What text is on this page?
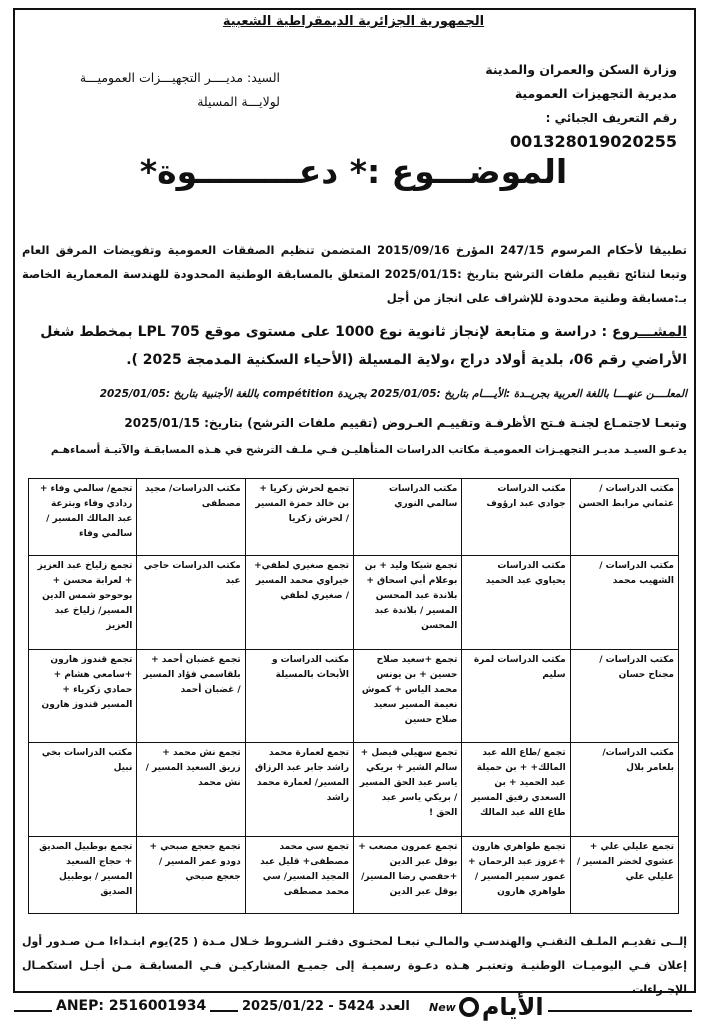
الجمهورية الجزائرية الديمقراطية الشعبية
وزارة السكن والعمران والمدينة
مديرية التجهيزات العمومية
رقم التعريف الجبائي : 001328019020255
السيد: مديــــر التجهيـــزات العموميـــة
لولايـــة المسيلة
الموضـــوع :* دعـــــــــوة*
تطبيقا لأحكام المرسوم 247/15 المؤرخ 2015/09/16 المتضمن تنظيم الصفقات العمومية وتفويضات المرفق العام وتبعا لنتائج تقييم ملفات الترشح بتاريخ :2025/01/15 المتعلق بالمسابقة الوطنية المحدودة للهندسة المعمارية الخاصة بـ:مسابقة وطنية محدودة للإشراف على انجاز من أجل
المشـــروع : دراسة و متابعة لإنجاز ثانوية نوع 1000 على مستوى موقع LPL 705 بمخطط شغل الأراضي رقم 06، بلدية أولاد دراج ،ولاية المسيلة (الأحياء السكنية المدمجة 2025 ).
المعلــــن عنهــــا باللغة العربية بجريــدة :الأيــــام بتاريخ :2025/01/05 بجريدة compétition باللغة الأجنبية بتاريخ :2025/01/05
وتبعـا لاجتمـاع لجنـة فـتح الأظرفـة وتقييـم العـروض (تقييم ملفات الترشح) بتاريخ: 2025/01/15
يدعـو السيـد مديـر التجهيـزات العموميـة مكاتب الدراسات المتأهليـن فـي ملـف الترشح في هـذه المسابقـة والآتيـة أسماءهـم
مكتب الدراسات / عثماني مرابط الحسن	مكتب الدراسات جوادي عبد ارؤوف	مكتب الدراسات سالمي النوري	تجمع لحرش زكريا + بن خالد حمزة المسير / لحرش زكريا	مكتب الدراسات/ مجيد مصطفى	تجمع/ سالمي وفاء + ردادي وفاء وبترعة عبد المالك المسير / سالمي وفاء
مكتب الدراسات /الشهيب محمد	مكتب الدراسات يحياوي عبد الحميد	تجمع شيكا وليد + بن بوعلام أبي اسحاق + بلاندة عبد المحسن المسير / بلاندة عبد المحسن	تجمع صغيري لطفي+ خيراوي محمد المسير / صغيري لطفي	مكتب الدراسات حاجي عبد	تجمع زلياخ عبد العزيز + لعرابة محسن + بوحوحو شمس الدين المسير/ زلياخ عبد العزيز
مكتب الدراسات / مجناح حسان	مكتب الدراسات لمرة سليم	تجمع +سعيد صلاح حسين + بن يونس محمد الياس + كموش نعيمة المسير سعيد صلاح حسين	مكتب الدراسات و الأبحاث بالمسيلة	تجمع غضبان أحمد + بلقاسمي فؤاد المسير / غضبان أحمد	تجمع قندوز هارون +سامعي هشام + حمادي زكرياء + المسير قندوز هارون
مكتب الدراسات/ بلعامر بلال	تجمع /طاع الله عبد المالك+ + بن حميلة عبد الحميد + بن السعدي رفيق المسير طاع الله عبد المالك	تجمع سهيلي فيصل + سالم الشير + بريكي ياسر عبد الحق المسير / بريكي ياسر عبد الحق !	تجمع لعمارة محمد راشد جابر عبد الرزاق المسير/ لعمارة محمد راشد	تجمع نش محمد + زريق السعيد المسير / نش محمد	مكتب الدراسات بخي نبيل
تجمع عليلي علي + عشوي لخضر المسير / عليلي علي	تجمع طواهري هارون +عزوز عبد الرحمان + عمور سمير المسير / طواهري هارون	تجمع عمرون مصعب + بوقل عبر الدين +حفصي رضا المسير/بوقل عبر الدين	تجمع سي محمد مصطفى+ قليل عبد المجيد المسير/ سي محمد مصطفى	تجمع جعجع صبحي + دودو عمر المسير / جعجع صبحي	تجمع بوطبيل الصديق + حجاج السعيد المسير / بوطبيل الصديق
إلــى تقديـم الملـف التقنـي والهندسـي والمالـي تبعـا لمحتـوى دفتـر الشـروط خـلال مـدة ( 25)يوم ابتـداءا مـن صـدور أول إعلان فـي اليوميـات الوطنيـة وتعتبـر هـذه دعـوة رسميـة إلى جميـع المشاركيـن فـي المسابقـة مـن أجـل استكمـال الإجـراءات
ANEP: 2516001934	2025/01/22 - 5424 العدد	New الأيام
